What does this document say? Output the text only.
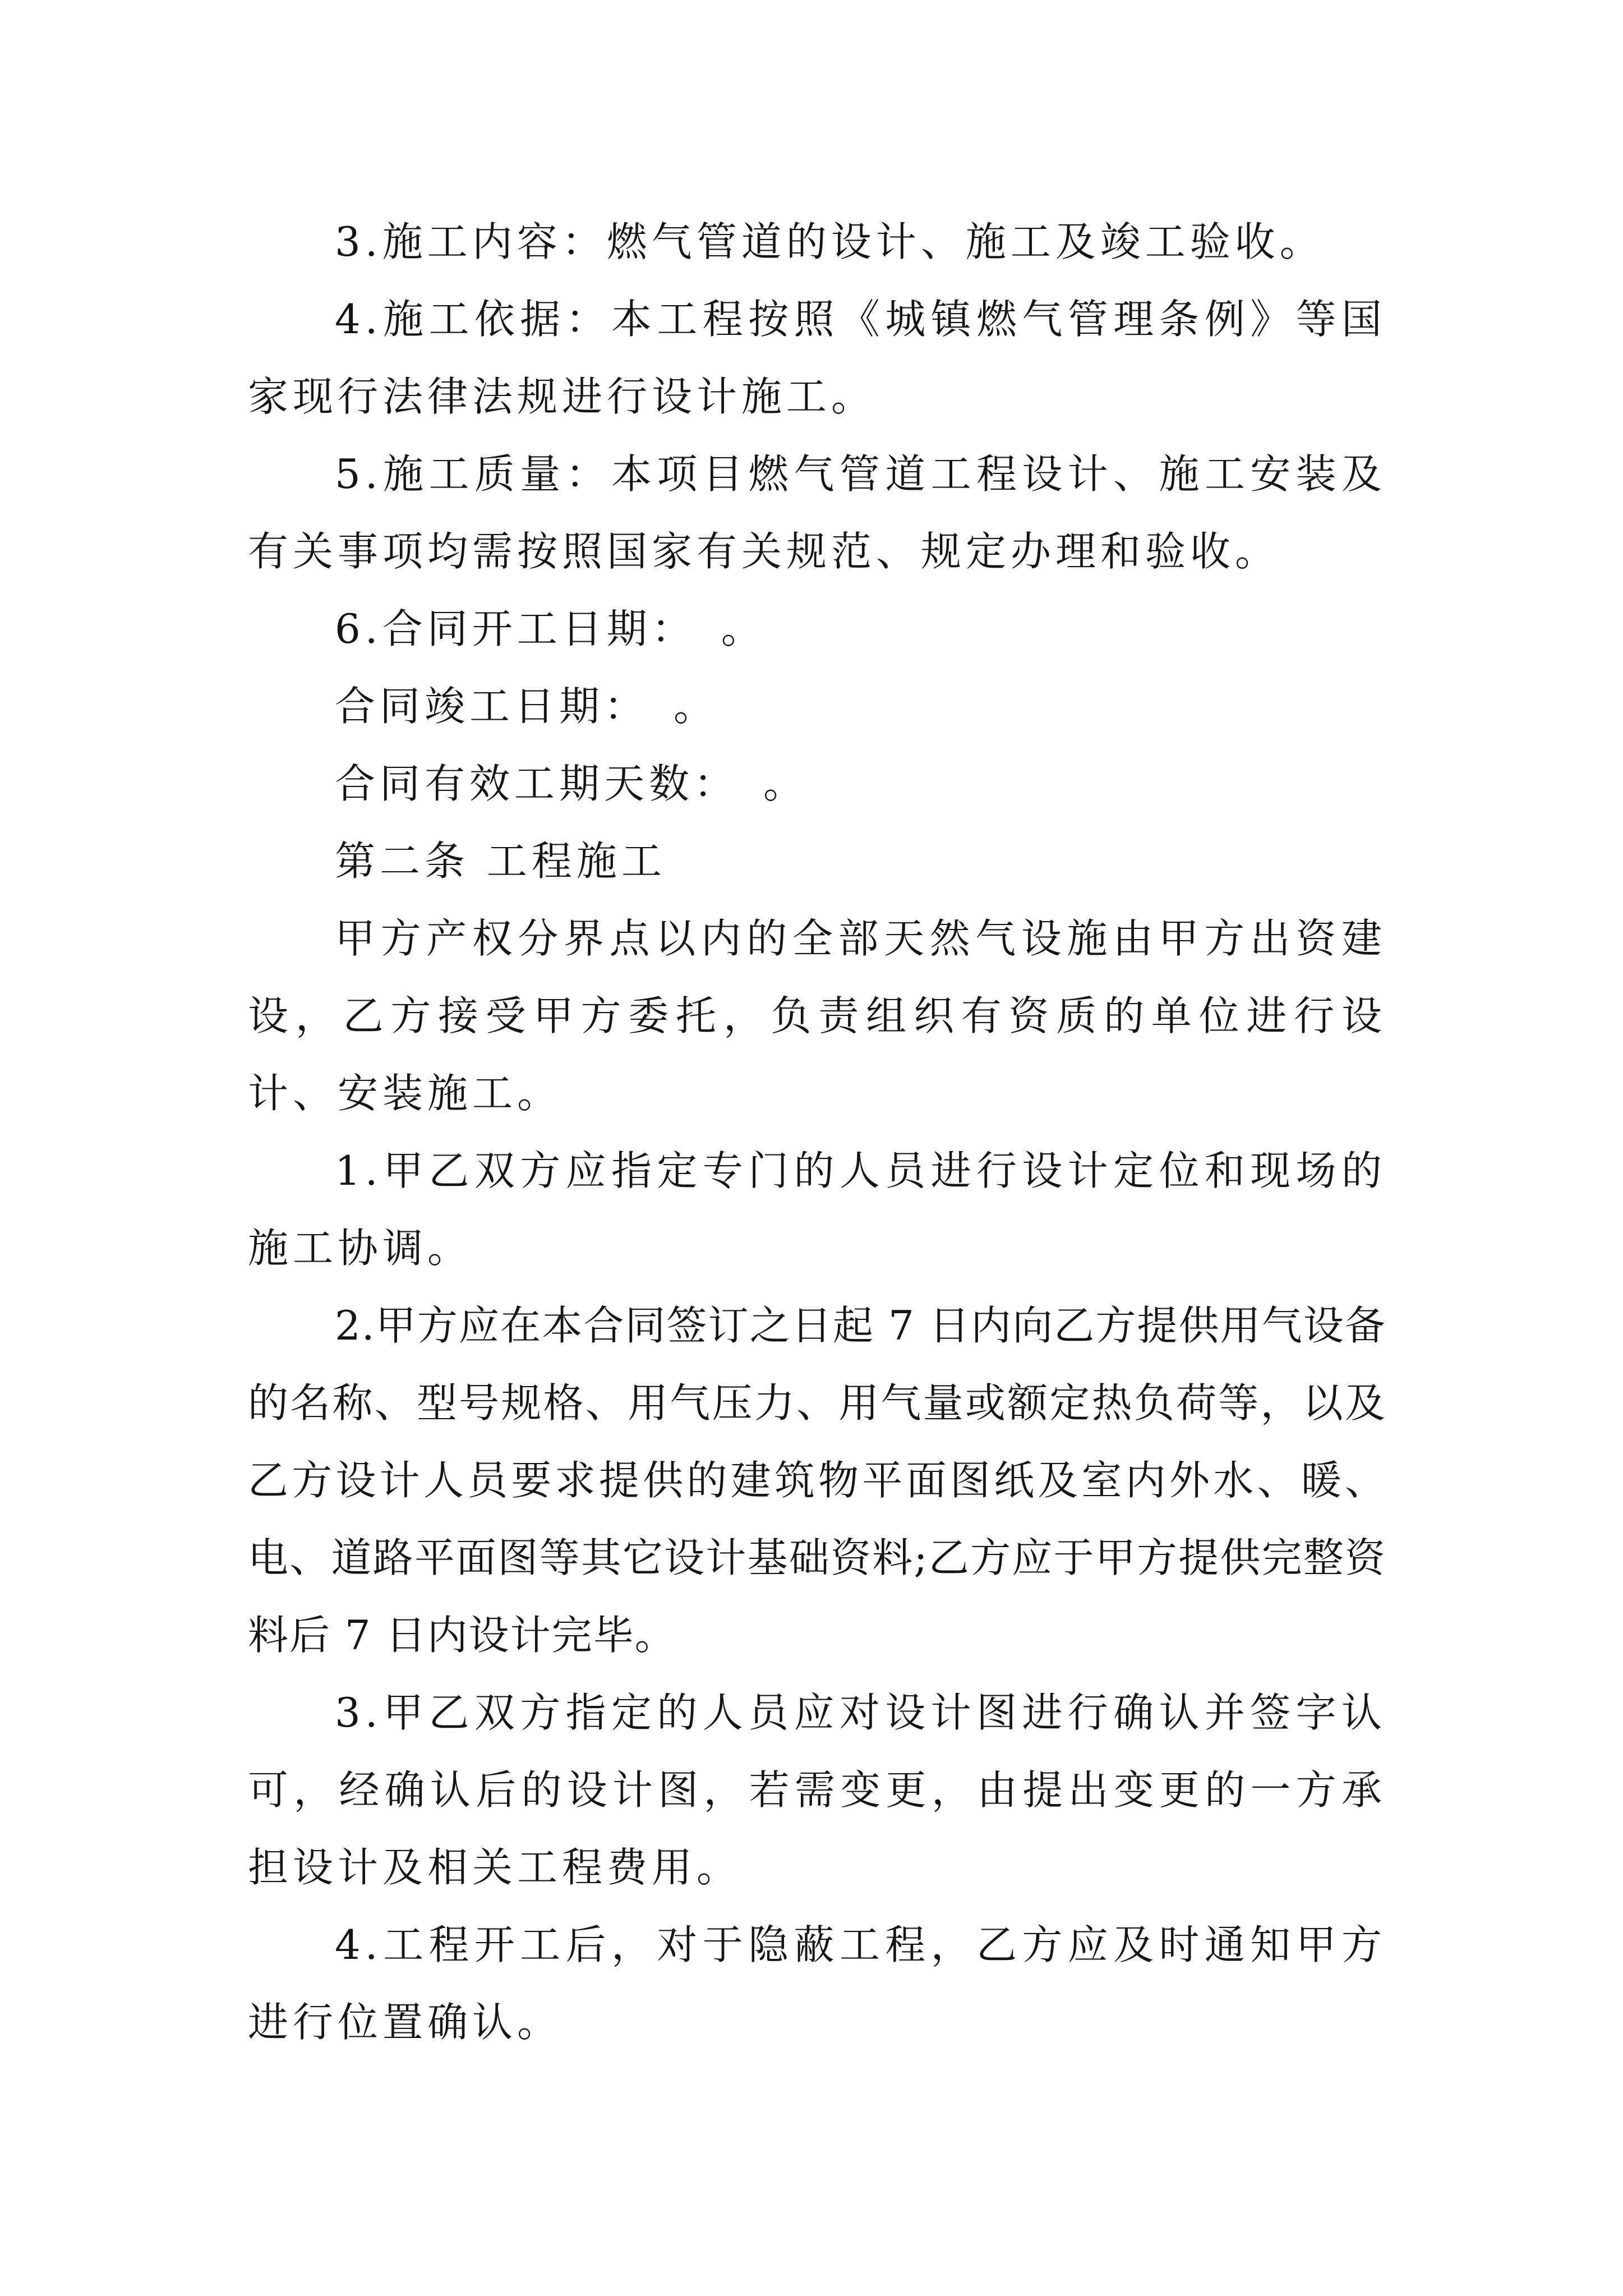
3.施工内容：燃气管道的设计、施工及竣工验收。

4.施工依据：本工程按照《城镇燃气管理条例》等国家现行法律法规进行设计施工。

5.施工质量：本项目燃气管道工程设计、施工安装及有关事项均需按照国家有关规范、规定办理和验收。

6.合同开工日期：　。

合同竣工日期：　。

合同有效工期天数：　。

第二条 工程施工

甲方产权分界点以内的全部天然气设施由甲方出资建设，乙方接受甲方委托，负责组织有资质的单位进行设计、安装施工。

1.甲乙双方应指定专门的人员进行设计定位和现场的施工协调。

2.甲方应在本合同签订之日起 7 日内向乙方提供用气设备的名称、型号规格、用气压力、用气量或额定热负荷等，以及乙方设计人员要求提供的建筑物平面图纸及室内外水、暖、电、道路平面图等其它设计基础资料;乙方应于甲方提供完整资料后 7 日内设计完毕。

3.甲乙双方指定的人员应对设计图进行确认并签字认可，经确认后的设计图，若需变更，由提出变更的一方承担设计及相关工程费用。

4.工程开工后，对于隐蔽工程，乙方应及时通知甲方进行位置确认。
